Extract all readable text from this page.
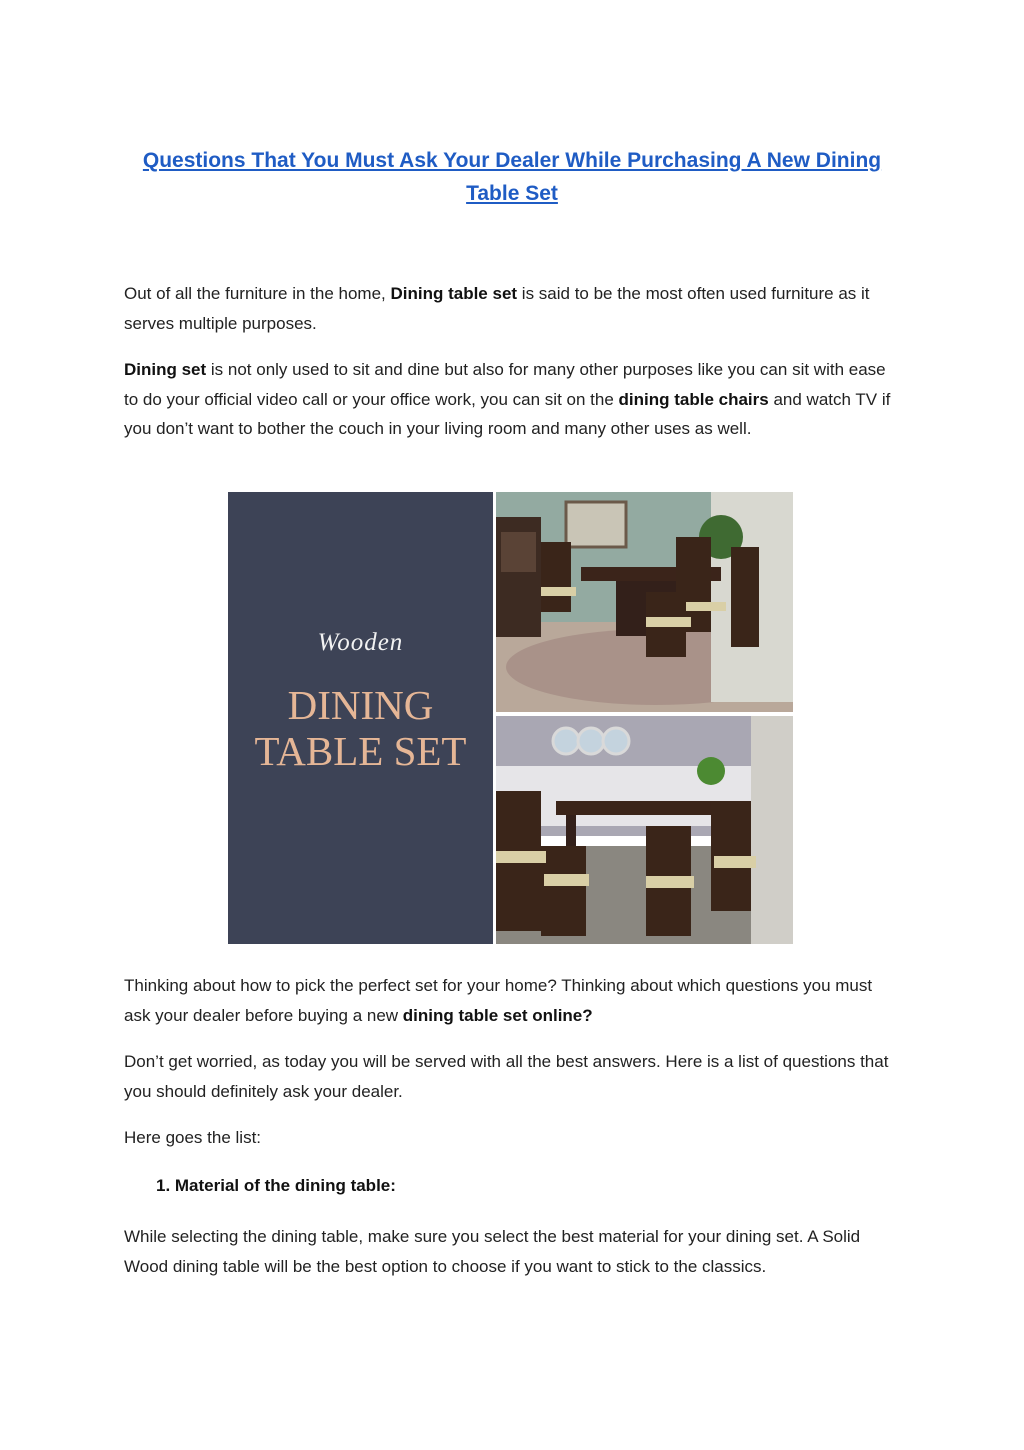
Questions That You Must Ask Your Dealer While Purchasing A New Dining Table Set

Out of all the furniture in the home, Dining table set is said to be the most often used furniture as it serves multiple purposes.

Dining set is not only used to sit and dine but also for many other purposes like you can sit with ease to do your official video call or your office work, you can sit on the dining table chairs and watch TV if you don’t want to bother the couch in your living room and many other uses as well.

Wooden
DINING
TABLE SET

Thinking about how to pick the perfect set for your home? Thinking about which questions you must ask your dealer before buying a new dining table set online?

Don’t get worried, as today you will be served with all the best answers. Here is a list of questions that you should definitely ask your dealer.

Here goes the list:

1. Material of the dining table:

While selecting the dining table, make sure you select the best material for your dining set. A Solid Wood dining table will be the best option to choose if you want to stick to the classics.
